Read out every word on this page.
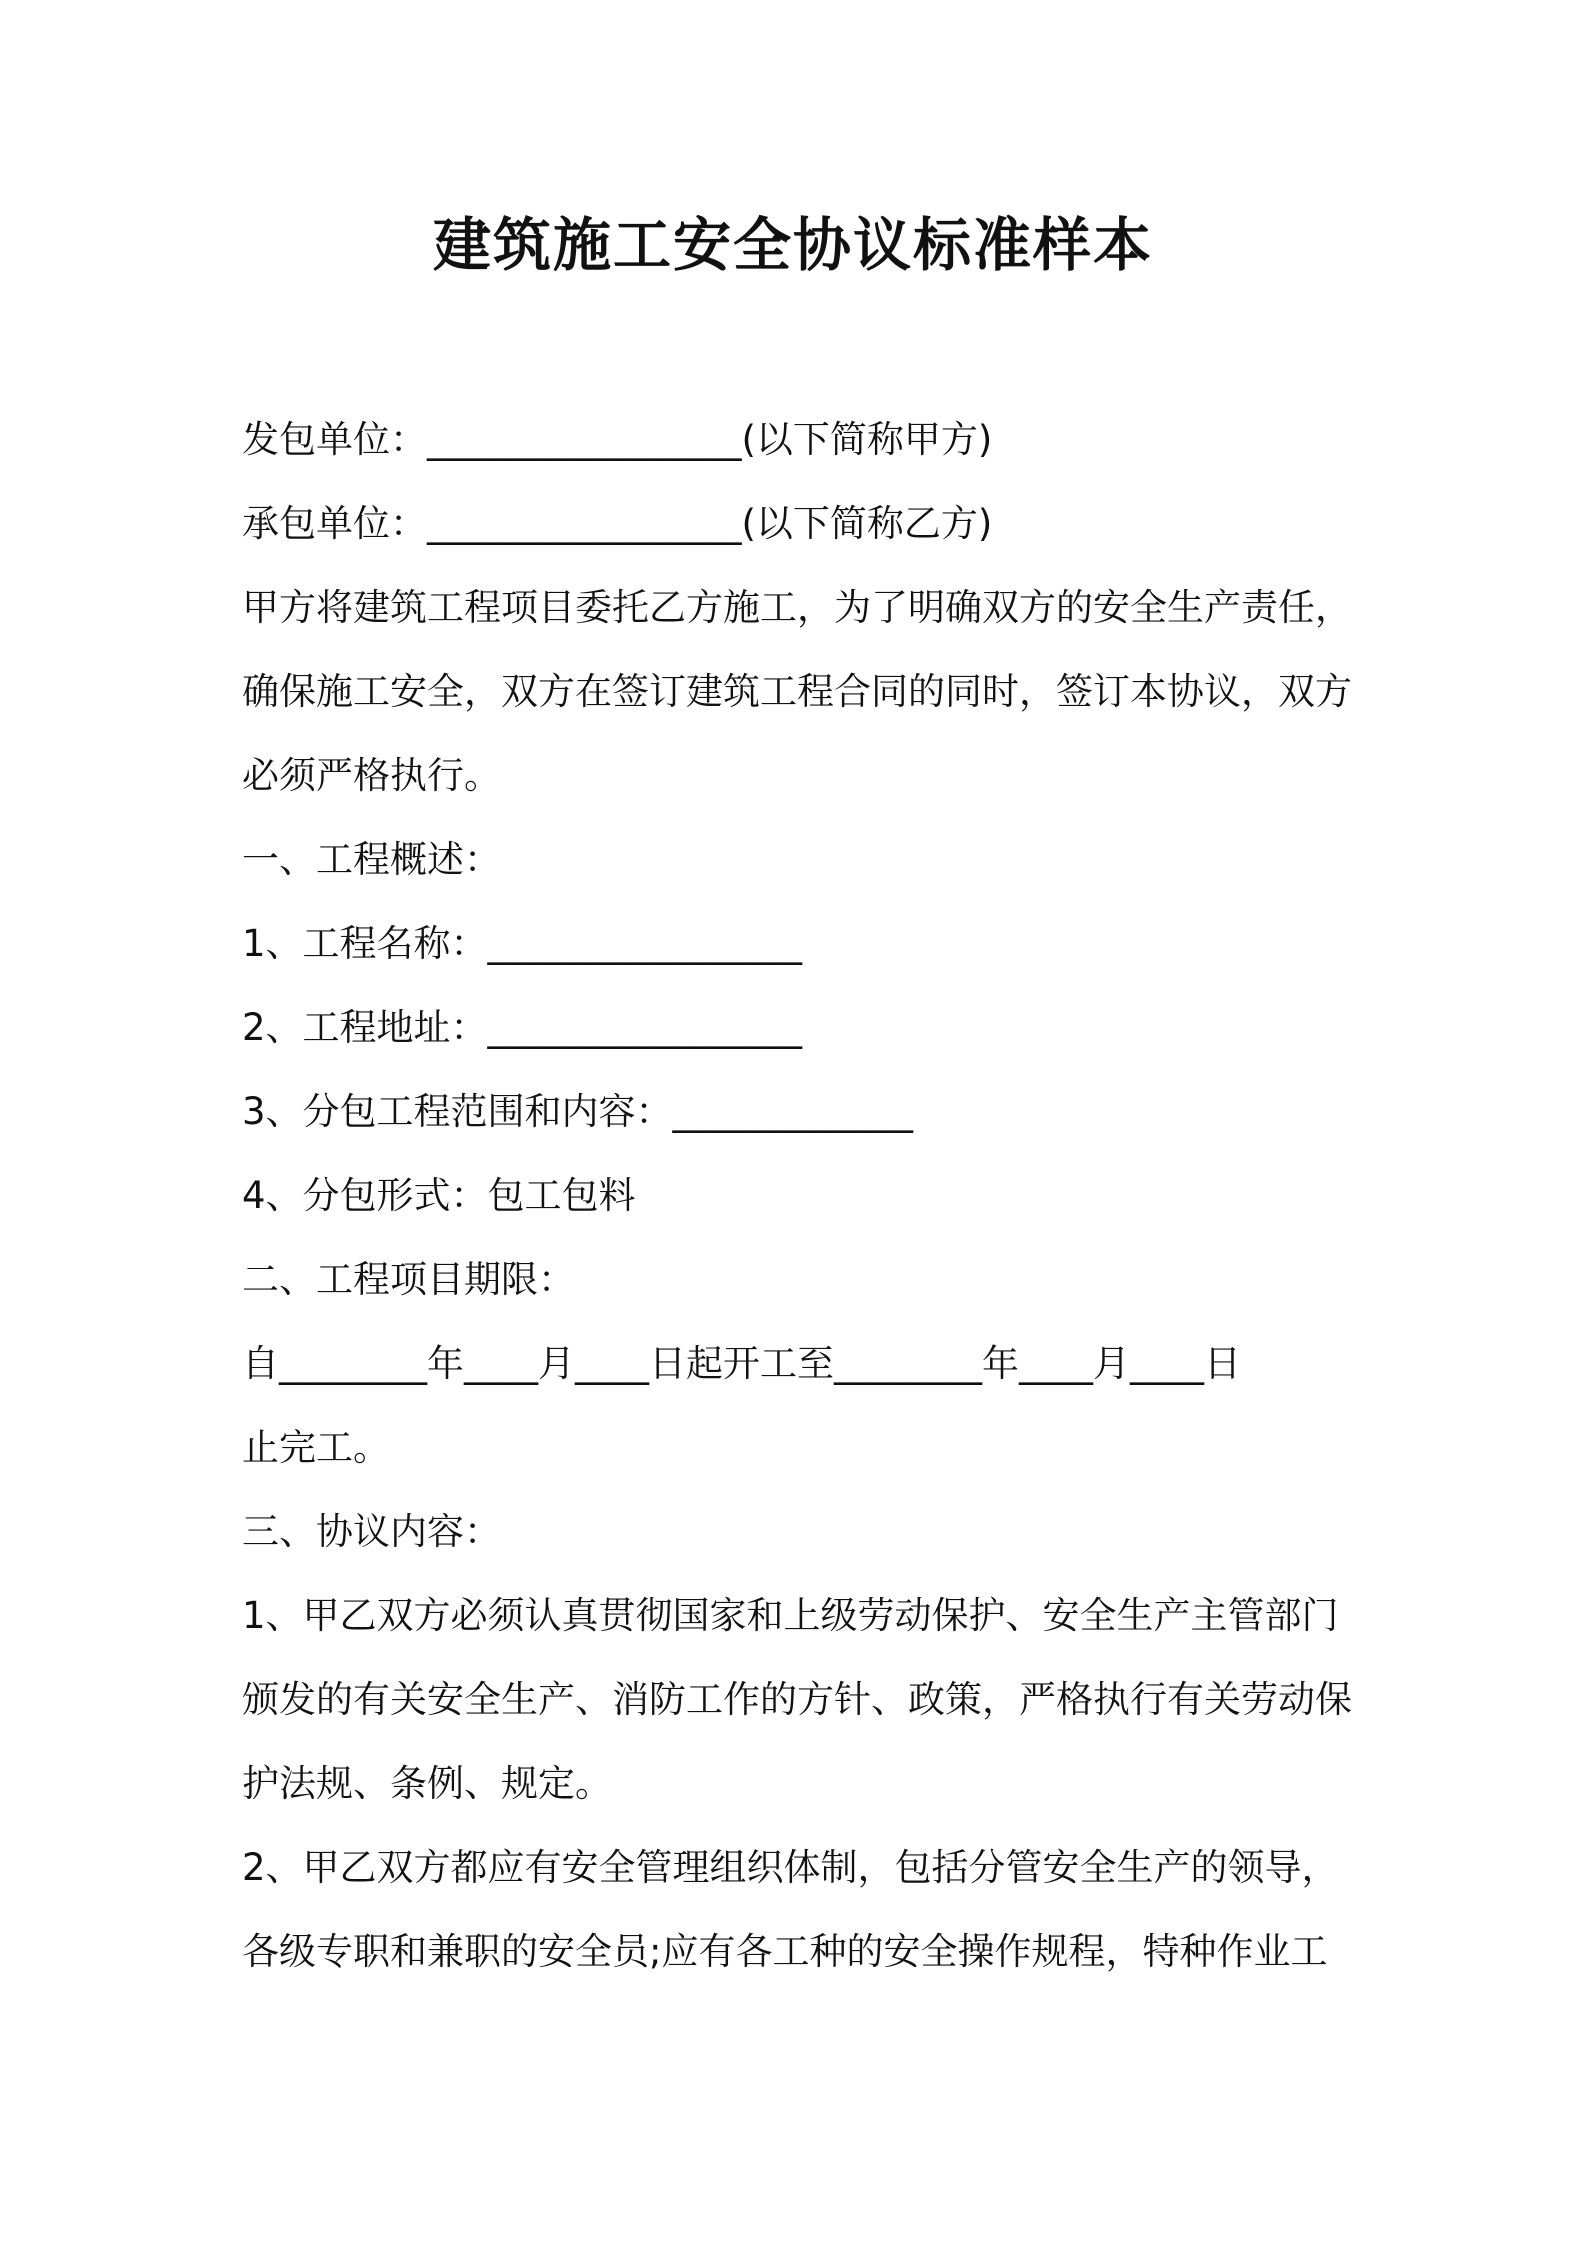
建筑施工安全协议标准样本

发包单位：_________________(以下简称甲方)

承包单位：_________________(以下简称乙方)

甲方将建筑工程项目委托乙方施工，为了明确双方的安全生产责任，

确保施工安全，双方在签订建筑工程合同的同时，签订本协议，双方

必须严格执行。

一、工程概述：

1、工程名称：_________________

2、工程地址：_________________

3、分包工程范围和内容：_____________

4、分包形式：包工包料

二、工程项目期限：

自________年____月____日起开工至________年____月____日

止完工。

三、协议内容：

1、甲乙双方必须认真贯彻国家和上级劳动保护、安全生产主管部门

颁发的有关安全生产、消防工作的方针、政策，严格执行有关劳动保

护法规、条例、规定。

2、甲乙双方都应有安全管理组织体制，包括分管安全生产的领导，

各级专职和兼职的安全员;应有各工种的安全操作规程，特种作业工
